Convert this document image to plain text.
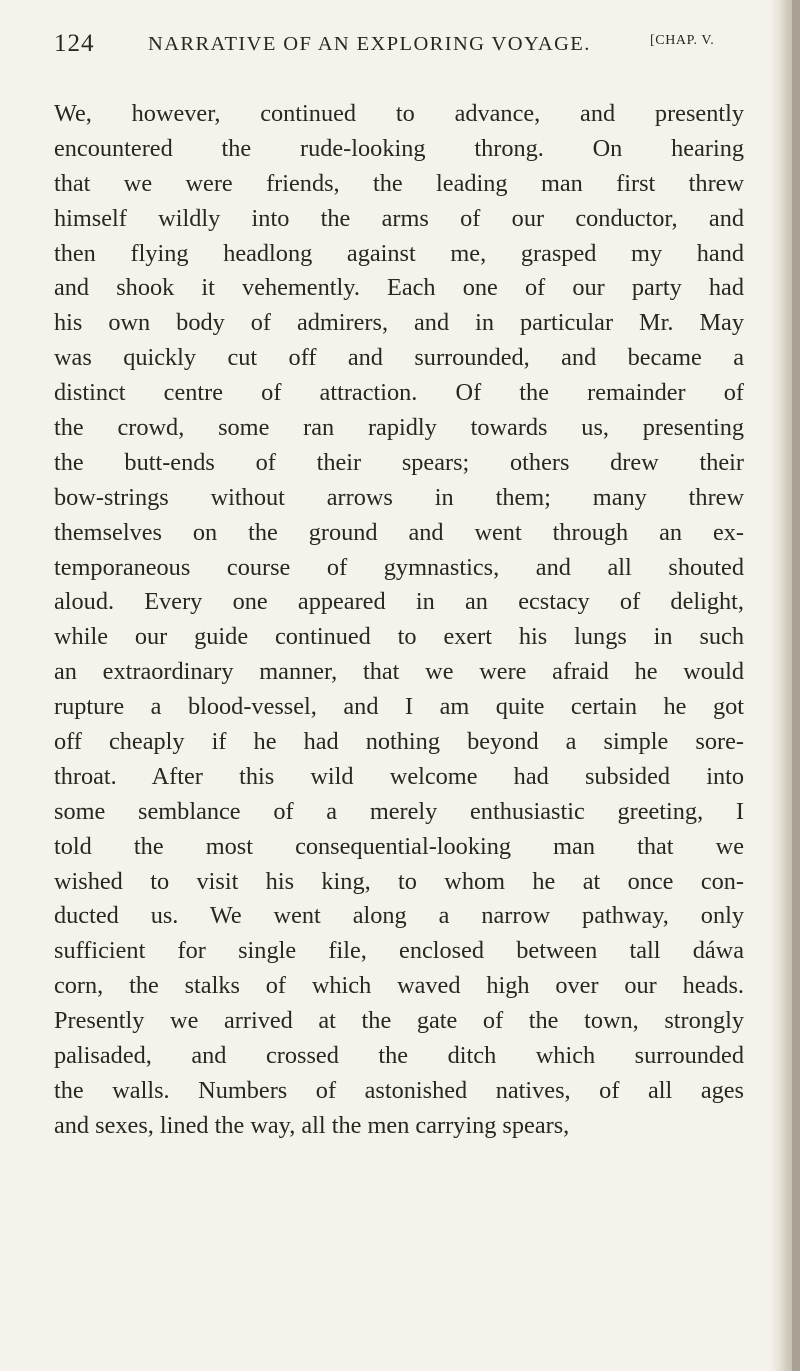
124	NARRATIVE OF AN EXPLORING VOYAGE.	[CHAP. V.
We, however, continued to advance, and presently
encountered the rude-looking throng. On hearing
that we were friends, the leading man first threw
himself wildly into the arms of our conductor, and
then flying headlong against me, grasped my hand
and shook it vehemently. Each one of our party had
his own body of admirers, and in particular Mr. May
was quickly cut off and surrounded, and became a
distinct centre of attraction. Of the remainder of
the crowd, some ran rapidly towards us, presenting
the butt-ends of their spears; others drew their
bow-strings without arrows in them; many threw
themselves on the ground and went through an ex-
temporaneous course of gymnastics, and all shouted
aloud. Every one appeared in an ecstacy of delight,
while our guide continued to exert his lungs in such
an extraordinary manner, that we were afraid he would
rupture a blood-vessel, and I am quite certain he got
off cheaply if he had nothing beyond a simple sore-
throat. After this wild welcome had subsided into
some semblance of a merely enthusiastic greeting, I
told the most consequential-looking man that we
wished to visit his king, to whom he at once con-
ducted us. We went along a narrow pathway, only
sufficient for single file, enclosed between tall dáwa
corn, the stalks of which waved high over our heads.
Presently we arrived at the gate of the town, strongly
palisaded, and crossed the ditch which surrounded
the walls. Numbers of astonished natives, of all ages
and sexes, lined the way, all the men carrying spears,
